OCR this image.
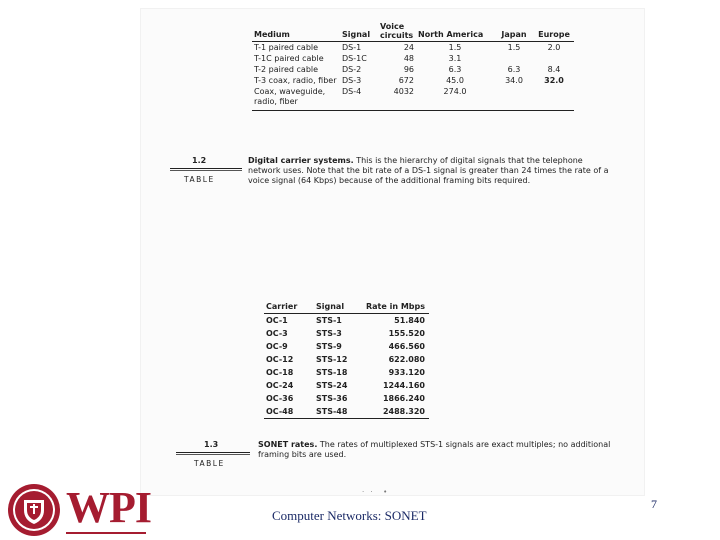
Medium	Signal	Voice circuits	North America	Japan	Europe
T-1 paired cable	DS-1	24	1.5	1.5	2.0
T-1C paired cable	DS-1C	48	3.1		
T-2 paired cable	DS-2	96	6.3	6.3	8.4
T-3 coax, radio, fiber	DS-3	672	45.0	34.0	32.0
Coax, waveguide, radio, fiber	DS-4	4032	274.0		
1.2
TABLE
Digital carrier systems. This is the hierarchy of digital signals that the telephone network uses. Note that the bit rate of a DS-1 signal is greater than 24 times the rate of a voice signal (64 Kbps) because of the additional framing bits required.
Carrier	Signal	Rate in Mbps
OC-1	STS-1	51.840
OC-3	STS-3	155.520
OC-9	STS-9	466.560
OC-12	STS-12	622.080
OC-18	STS-18	933.120
OC-24	STS-24	1244.160
OC-36	STS-36	1866.240
OC-48	STS-48	2488.320
1.3
TABLE
SONET rates. The rates of multiplexed STS-1 signals are exact multiples; no additional framing bits are used.
· ·  •
WPI	Computer Networks: SONET
7
